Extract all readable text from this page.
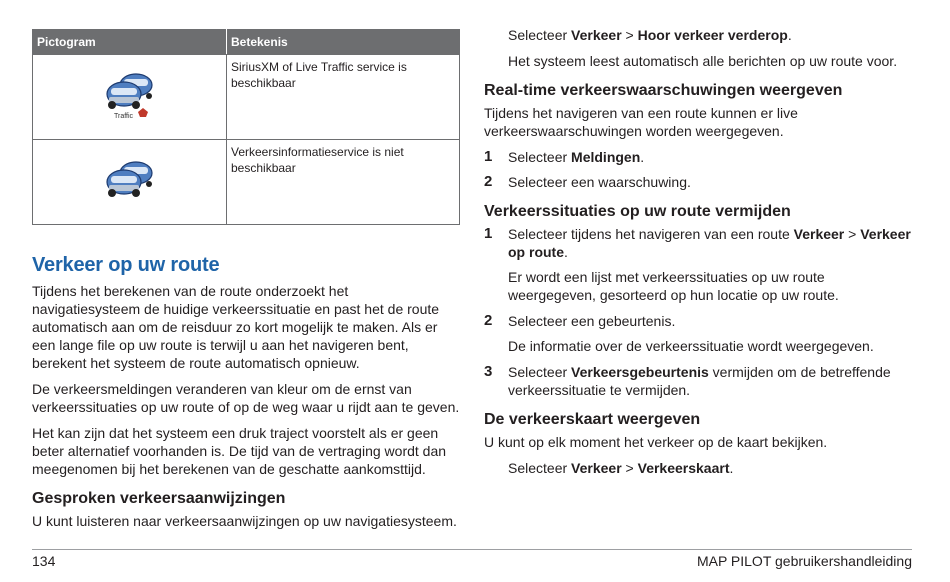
Pictogram	Betekenis

Traffic	SiriusXM of Live Traffic service is beschikbaar
	Verkeersinformatieservice is niet beschikbaar
Verkeer op uw route

Tijdens het berekenen van de route onderzoekt het navigatiesysteem de huidige verkeerssituatie en past het de route automatisch aan om de reisduur zo kort mogelijk te maken. Als er een lange file op uw route is terwijl u aan het navigeren bent, berekent het systeem de route automatisch opnieuw.

De verkeersmeldingen veranderen van kleur om de ernst van verkeerssituaties op uw route of op de weg waar u rijdt aan te geven.

Het kan zijn dat het systeem een druk traject voorstelt als er geen beter alternatief voorhanden is. De tijd van de vertraging wordt dan meegenomen bij het berekenen van de geschatte aankomsttijd.

Gesproken verkeersaanwijzingen

U kunt luisteren naar verkeersaanwijzingen op uw navigatiesysteem.

Selecteer Verkeer > Hoor verkeer verderop.

Het systeem leest automatisch alle berichten op uw route voor.

Real-time verkeerswaarschuwingen weergeven

Tijdens het navigeren van een route kunnen er live verkeerswaarschuwingen worden weergegeven.

1 Selecteer Meldingen.
2 Selecteer een waarschuwing.
Verkeerssituaties op uw route vermijden
1 Selecteer tijdens het navigeren van een route Verkeer > Verkeer op route.

Er wordt een lijst met verkeerssituaties op uw route weergegeven, gesorteerd op hun locatie op uw route.

2 Selecteer een gebeurtenis.

De informatie over de verkeerssituatie wordt weergegeven.

3 Selecteer Verkeersgebeurtenis vermijden om de betreffende verkeerssituatie te vermijden.
De verkeerskaart weergeven

U kunt op elk moment het verkeer op de kaart bekijken.

Selecteer Verkeer > Verkeerskaart.

134	MAP PILOT gebruikershandleiding
